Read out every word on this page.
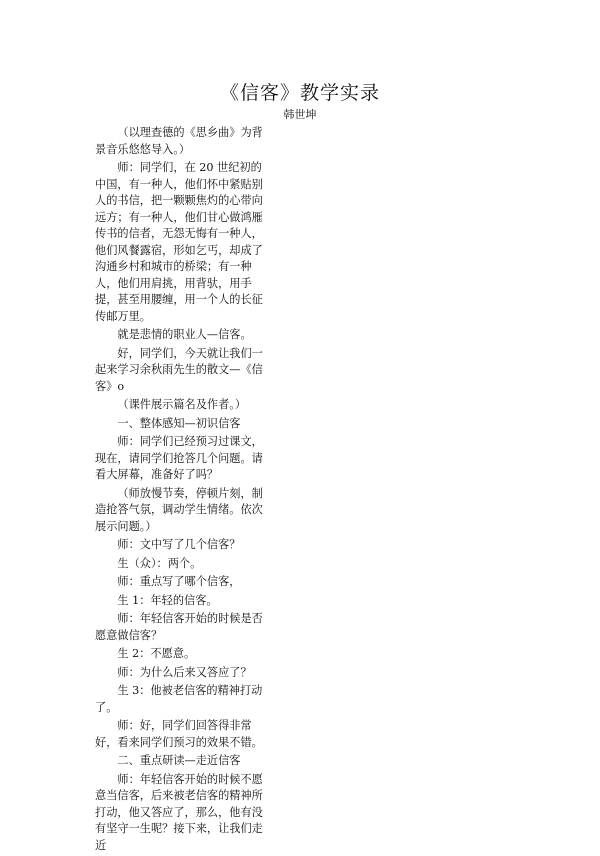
《信客》教学实录
韩世坤

（以理查德的《思乡曲》为背景音乐悠悠导入。）

师：同学们，在 20 世纪初的中国，有一种人，他们怀中紧贴别人的书信，把一颗颗焦灼的心带向远方；有一种人，他们甘心做鸿雁传书的信者，无怨无悔有一种人，他们风餐露宿，形如乞丐，却成了沟通乡村和城市的桥梁；有一种人，他们用肩挑，用背驮，用手提，甚至用腰缠，用一个人的长征传邮万里。

就是悲情的职业人—信客。

好，同学们，今天就让我们一起来学习余秋雨先生的散文—《信客》o

（课件展示篇名及作者。）

一、整体感知—初识信客

师：同学们已经预习过课文，现在，请同学们抢答几个问题。请看大屏幕，准备好了吗？

（师放慢节奏，停顿片刻，制造抢答气氛，调动学生情绪。依次展示问题。）

师：文中写了几个信客？

生（众）：两个。

师：重点写了哪个信客，

生 1：年轻的信客。

师：年轻信客开始的时候是否愿意做信客？

生 2：不愿意。

师：为什么后来又答应了？

生 3：他被老信客的精神打动了。

师：好，同学们回答得非常好，看来同学们预习的效果不错。

二、重点研读—走近信客

师：年轻信客开始的时候不愿意当信客，后来被老信客的精神所打动，他又答应了，那么，他有没有坚守一生呢？接下来，让我们走近
